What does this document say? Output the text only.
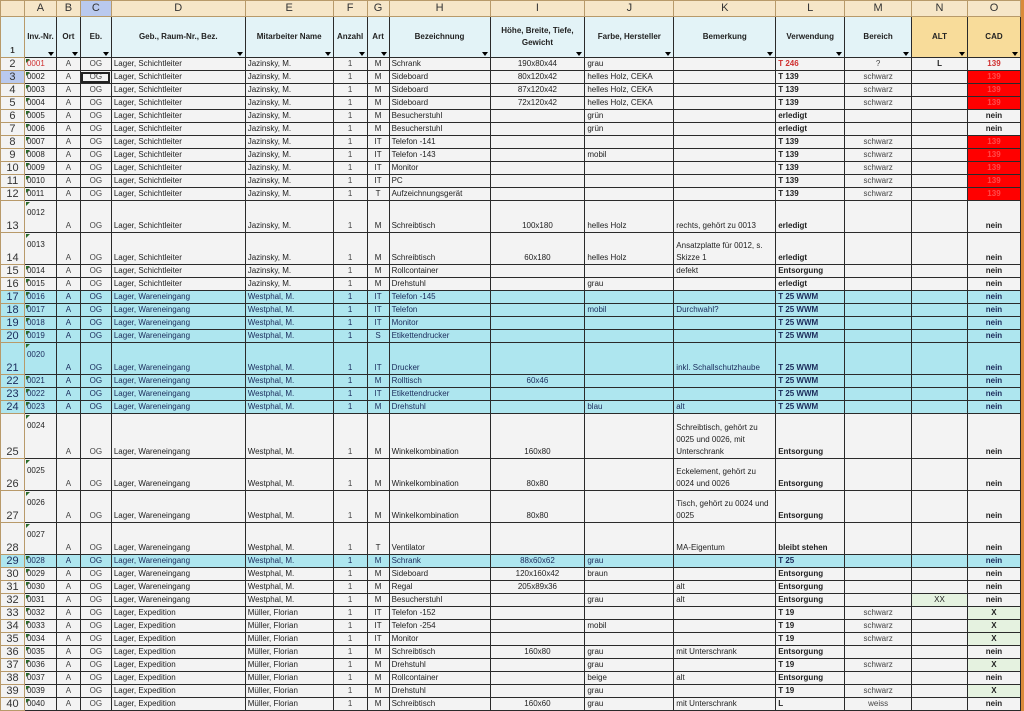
	A	B	C	D	E	F	G	H	I	J	K	L	M	N	O
1	Inv.-Nr.	Ort	Eb.	Geb., Raum-Nr., Bez.	Mitarbeiter Name	Anzahl	Art	Bezeichnung	Höhe, Breite, Tiefe, Gewicht	Farbe, Hersteller	Bemerkung	Verwendung	Bereich	ALT	CAD

2	0001	A	OG	Lager, Schichtleiter	Jazinsky, M.	1	M	Schrank	190x80x44	grau		T 246	?	L	139
3	0002	A	OG	Lager, Schichtleiter	Jazinsky, M.	1	M	Sideboard	80x120x42	helles Holz, CEKA		T 139	schwarz		139
4	0003	A	OG	Lager, Schichtleiter	Jazinsky, M.	1	M	Sideboard	87x120x42	helles Holz, CEKA		T 139	schwarz		139
5	0004	A	OG	Lager, Schichtleiter	Jazinsky, M.	1	M	Sideboard	72x120x42	helles Holz, CEKA		T 139	schwarz		139
6	0005	A	OG	Lager, Schichtleiter	Jazinsky, M.	1	M	Besucherstuhl		grün		erledigt			nein
7	0006	A	OG	Lager, Schichtleiter	Jazinsky, M.	1	M	Besucherstuhl		grün		erledigt			nein
8	0007	A	OG	Lager, Schichtleiter	Jazinsky, M.	1	IT	Telefon -141				T 139	schwarz		139
9	0008	A	OG	Lager, Schichtleiter	Jazinsky, M.	1	IT	Telefon -143		mobil		T 139	schwarz		139
10	0009	A	OG	Lager, Schichtleiter	Jazinsky, M.	1	IT	Monitor				T 139	schwarz		139
11	0010	A	OG	Lager, Schichtleiter	Jazinsky, M.	1	IT	PC				T 139	schwarz		139
12	0011	A	OG	Lager, Schichtleiter	Jazinsky, M.	1	T	Aufzeichnungsgerät				T 139	schwarz		139
13	0012	A	OG	Lager, Schichtleiter	Jazinsky, M.	1	M	Schreibtisch	100x180	helles Holz	rechts, gehört zu 0013	erledigt			nein
14	0013	A	OG	Lager, Schichtleiter	Jazinsky, M.	1	M	Schreibtisch	60x180	helles Holz	Ansatzplatte für 0012, s. Skizze 1	erledigt			nein
15	0014	A	OG	Lager, Schichtleiter	Jazinsky, M.	1	M	Rollcontainer			defekt	Entsorgung			nein
16	0015	A	OG	Lager, Schichtleiter	Jazinsky, M.	1	M	Drehstuhl		grau		erledigt			nein
17	0016	A	OG	Lager, Wareneingang	Westphal, M.	1	IT	Telefon -145				T 25 WWM			nein
18	0017	A	OG	Lager, Wareneingang	Westphal, M.	1	IT	Telefon		mobil	Durchwahl?	T 25 WWM			nein
19	0018	A	OG	Lager, Wareneingang	Westphal, M.	1	IT	Monitor				T 25 WWM			nein
20	0019	A	OG	Lager, Wareneingang	Westphal, M.	1	S	Etikettendrucker				T 25 WWM			nein
21	0020	A	OG	Lager, Wareneingang	Westphal, M.	1	IT	Drucker			inkl. Schallschutzhaube	T 25 WWM			nein
22	0021	A	OG	Lager, Wareneingang	Westphal, M.	1	M	Rolltisch	60x46			T 25 WWM			nein
23	0022	A	OG	Lager, Wareneingang	Westphal, M.	1	IT	Etikettendrucker				T 25 WWM			nein
24	0023	A	OG	Lager, Wareneingang	Westphal, M.	1	M	Drehstuhl		blau	alt	T 25 WWM			nein
25	0024	A	OG	Lager, Wareneingang	Westphal, M.	1	M	Winkelkombination	160x80		Schreibtisch, gehört zu 0025 und 0026, mit Unterschrank	Entsorgung			nein
26	0025	A	OG	Lager, Wareneingang	Westphal, M.	1	M	Winkelkombination	80x80		Eckelement, gehört zu 0024 und 0026	Entsorgung			nein
27	0026	A	OG	Lager, Wareneingang	Westphal, M.	1	M	Winkelkombination	80x80		Tisch, gehört zu 0024 und 0025	Entsorgung			nein
28	0027	A	OG	Lager, Wareneingang	Westphal, M.	1	T	Ventilator			MA-Eigentum	bleibt stehen			nein
29	0028	A	OG	Lager, Wareneingang	Westphal, M.	1	M	Schrank	88x60x62	grau		T 25			nein
30	0029	A	OG	Lager, Wareneingang	Westphal, M.	1	M	Sideboard	120x160x42	braun		Entsorgung			nein
31	0030	A	OG	Lager, Wareneingang	Westphal, M.	1	M	Regal	205x89x36		alt	Entsorgung			nein
32	0031	A	OG	Lager, Wareneingang	Westphal, M.	1	M	Besucherstuhl		grau	alt	Entsorgung		XX	nein
33	0032	A	OG	Lager, Expedition	Müller, Florian	1	IT	Telefon -152				T 19	schwarz		X
34	0033	A	OG	Lager, Expedition	Müller, Florian	1	IT	Telefon -254		mobil		T 19	schwarz		X
35	0034	A	OG	Lager, Expedition	Müller, Florian	1	IT	Monitor				T 19	schwarz		X
36	0035	A	OG	Lager, Expedition	Müller, Florian	1	M	Schreibtisch	160x80	grau	mit Unterschrank	Entsorgung			nein
37	0036	A	OG	Lager, Expedition	Müller, Florian	1	M	Drehstuhl		grau		T 19	schwarz		X
38	0037	A	OG	Lager, Expedition	Müller, Florian	1	M	Rollcontainer		beige	alt	Entsorgung			nein
39	0039	A	OG	Lager, Expedition	Müller, Florian	1	M	Drehstuhl		grau		T 19	schwarz		X
40	0040	A	OG	Lager, Expedition	Müller, Florian	1	M	Schreibtisch	160x60	grau	mit Unterschrank	L	weiss		nein
